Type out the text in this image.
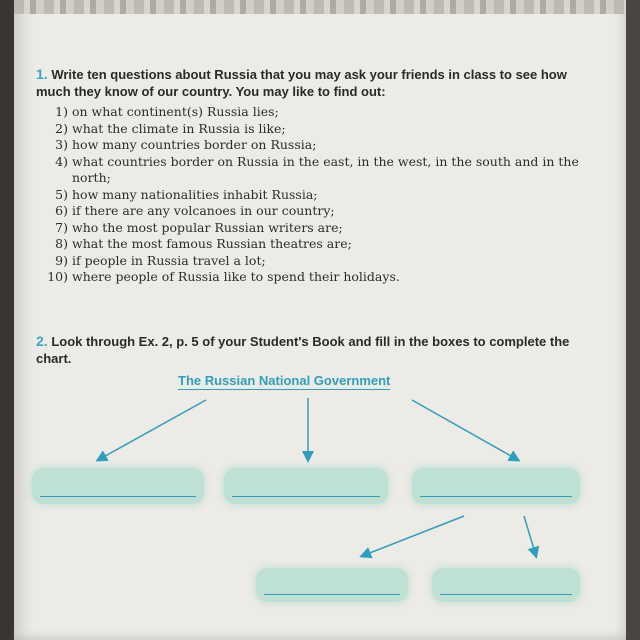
1. Write ten questions about Russia that you may ask your friends in class to see how much they know of our country. You may like to find out:
1) on what continent(s) Russia lies;
2) what the climate in Russia is like;
3) how many countries border on Russia;
4) what countries border on Russia in the east, in the west, in the south and in the north;
5) how many nationalities inhabit Russia;
6) if there are any volcanoes in our country;
7) who the most popular Russian writers are;
8) what the most famous Russian theatres are;
9) if people in Russia travel a lot;
10) where people of Russia like to spend their holidays.
2. Look through Ex. 2, p. 5 of your Student's Book and fill in the boxes to complete the chart.
The Russian National Government
